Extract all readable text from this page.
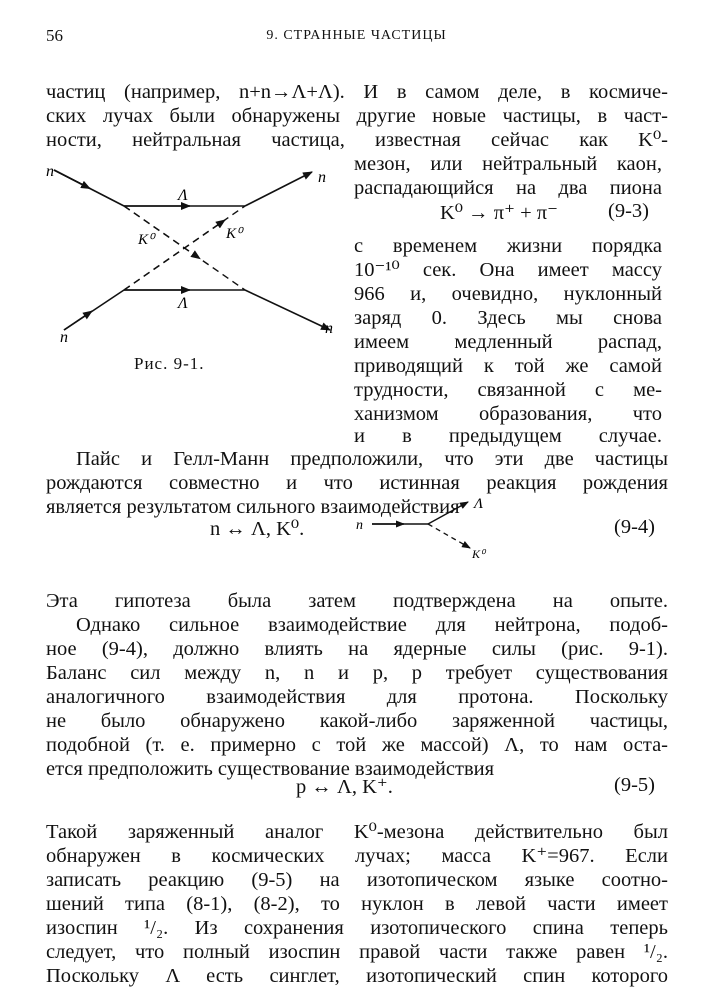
56	9. СТРАННЫЕ ЧАСТИЦЫ
частиц (например, n+n→Λ+Λ). И в самом деле, в космиче-
ских лучах были обнаружены другие новые частицы, в част-
ности, нейтральная частица, известная сейчас как K⁰-
мезон, или нейтральный каон,
распадающийся на два пиона
K⁰ → π⁺ + π⁻ (9-3)
с временем жизни порядка
10⁻¹⁰ сек. Она имеет массу
966 и, очевидно, нуклонный
заряд 0. Здесь мы снова
имеем медленный распад,
приводящий к той же самой
трудности, связанной с ме-
ханизмом образования, что
и в предыдущем случае.
n	n
n
n
Λ
Λ
K⁰	K⁰
Рис. 9-1.
Пайс и Гелл-Манн предположили, что эти две частицы
рождаются совместно и что истинная реакция рождения
является результатом сильного взаимодействия
n ↔ Λ, K⁰.	n
Λ
K⁰
(9-4)
Эта гипотеза была затем подтверждена на опыте.
Однако сильное взаимодействие для нейтрона, подоб-
ное (9-4), должно влиять на ядерные силы (рис. 9-1).
Баланс сил между n, n и p, p требует существования
аналогичного взаимодействия для протона. Поскольку
не было обнаружено какой-либо заряженной частицы,
подобной (т. е. примерно с той же массой) Λ, то нам оста-
ется предположить существование взаимодействия
p ↔ Λ, K⁺.	(9-5)
Такой заряженный аналог K⁰-мезона действительно был
обнаружен в космических лучах; масса K⁺=967. Если
записать реакцию (9-5) на изотопическом языке соотно-
шений типа (8-1), (8-2), то нуклон в левой части имеет
изоспин ¹/₂. Из сохранения изотопического спина теперь
следует, что полный изоспин правой части также равен ¹/₂.
Поскольку Λ есть синглет, изотопический спин которого
